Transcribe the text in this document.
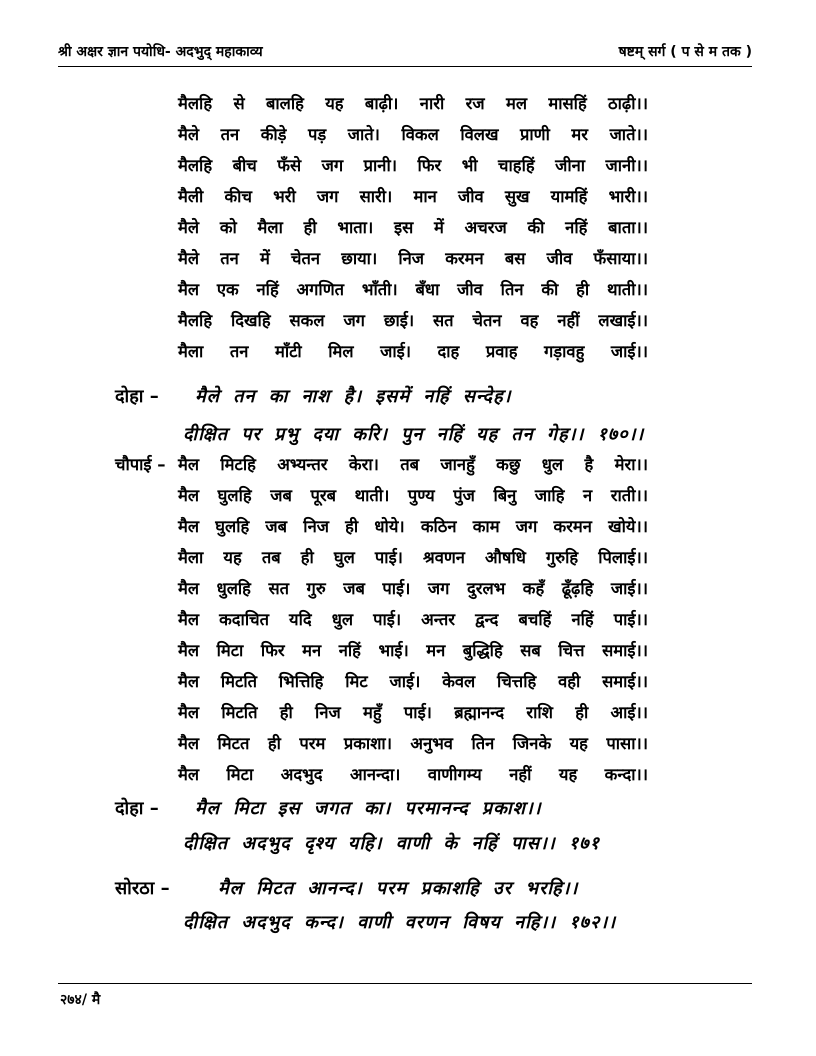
श्री अक्षर ज्ञान पयोधि- अदभुद् महाकाव्य	षष्टम् सर्ग ( प से म तक )
मैलहि से बालहि यह बाढ़ी। नारी रज मल मासहिं ठाढ़ी।।
मैले तन कीड़े पड़ जाते। विकल विलख प्राणी मर जाते।।
मैलहि बीच फँसे जग प्रानी। फिर भी चाहहिं जीना जानी।।
मैली कीच भरी जग सारी। मान जीव सुख यामहिं भारी।।
मैले को मैला ही भाता। इस में अचरज की नहिं बाता।।
मैले तन में चेतन छाया। निज करमन बस जीव फँसाया।।
मैल एक नहिं अगणित भाँती। बँधा जीव तिन की ही थाती।।
मैलहि दिखहि सकल जग छाई। सत चेतन वह नहीं लखाई।।
मैला तन माँटी मिल जाई। दाह प्रवाह गड़ावहु जाई।।
दोहा – मैले तन का नाश है। इसमें नहिं सन्देह।
दीक्षित पर प्रभु दया करि। पुन नहिं यह तन गेह।। १७०।।
चौपाई – मैल मिटहि अभ्यन्तर केरा। तब जानहुँ कछु धुल है मेरा।।
मैल घुलहि जब पूरब थाती। पुण्य पुंज बिनु जाहि न राती।।
मैल घुलहि जब निज ही धोये। कठिन काम जग करमन खोये।।
मैला यह तब ही घुल पाई। श्रवणन औषधि गुरुहि पिलाई।।
मैल धुलहि सत गुरु जब पाई। जग दुरलभ कहँ ढूँढ़हि जाई।।
मैल कदाचित यदि धुल पाई। अन्तर द्वन्द बचहिं नहिं पाई।।
मैल मिटा फिर मन नहिं भाई। मन बुद्धिहि सब चित्त समाई।।
मैल मिटति भित्तिहि मिट जाई। केवल चित्तहि वही समाई।।
मैल मिटति ही निज महुँ पाई। ब्रह्मानन्द राशि ही आई।।
मैल मिटत ही परम प्रकाशा। अनुभव तिन जिनके यह पासा।।
मैल मिटा अदभुद आनन्दा। वाणीगम्य नहीं यह कन्दा।।
दोहा – मैल मिटा इस जगत का। परमानन्द प्रकाश।।
दीक्षित अदभुद दृश्य यहि। वाणी के नहिं पास।। १७१
सोरठा –	मैल मिटत आनन्द। परम प्रकाशहि उर भरहि।।
दीक्षित अदभुद कन्द। वाणी वरणन विषय नहि।। १७२।।
२७४/ मै
